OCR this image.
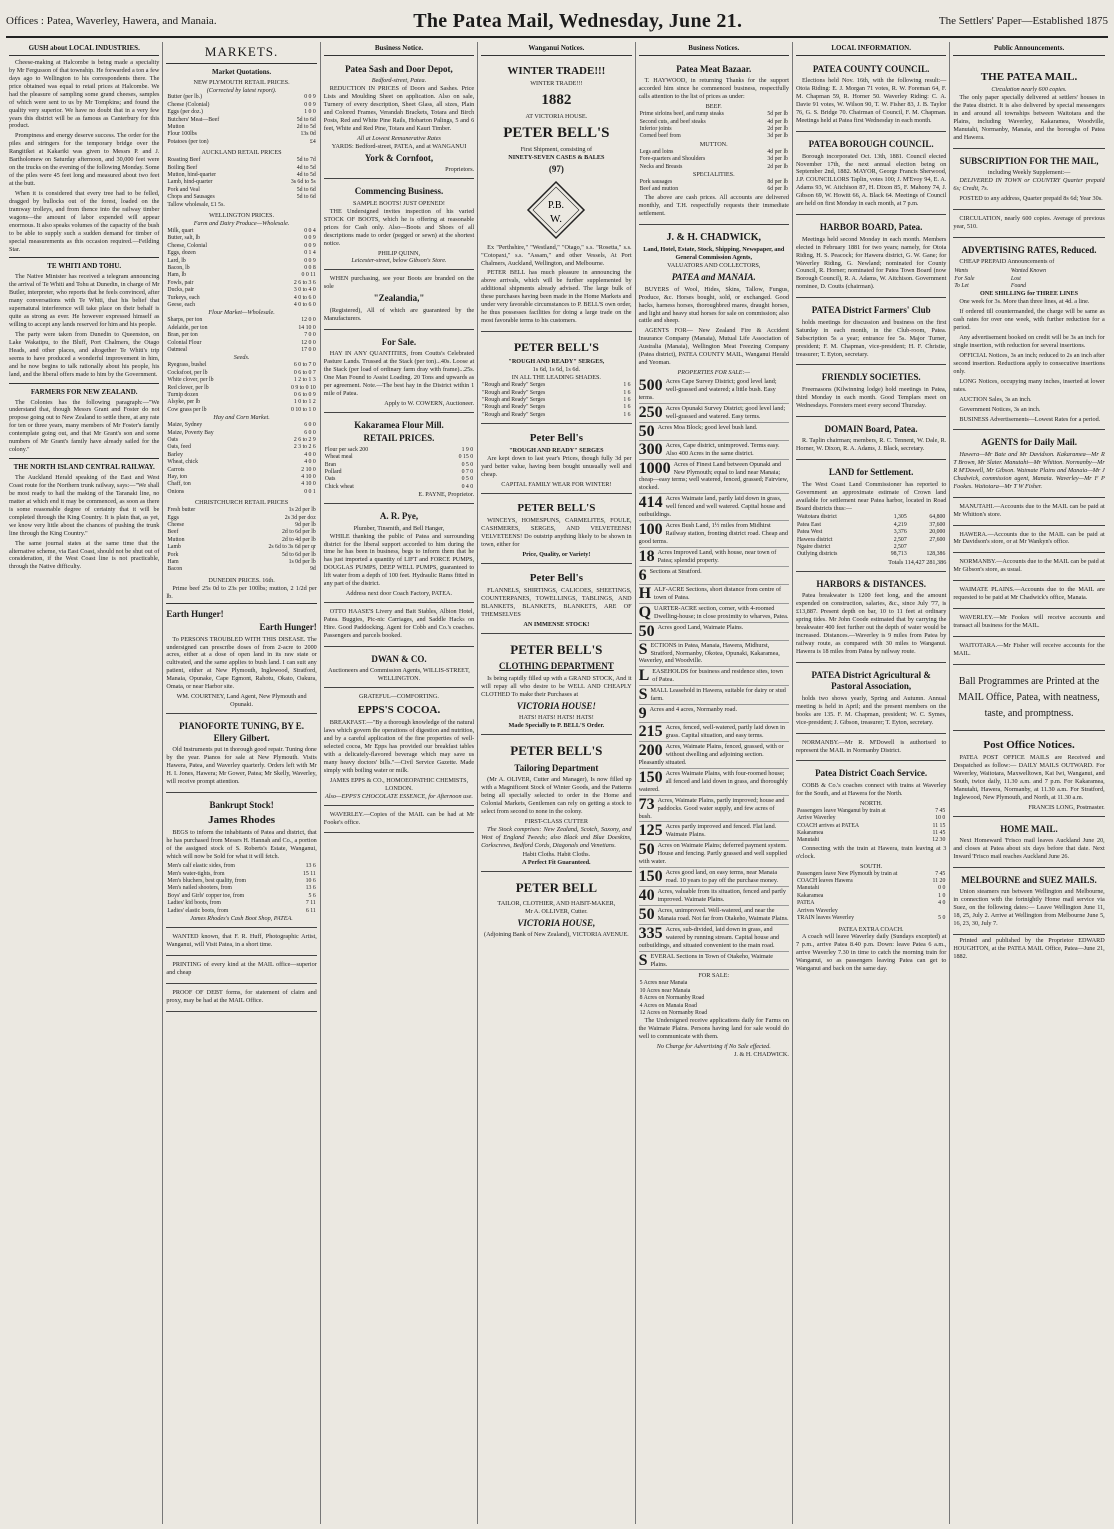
Offices : Patea, Waverley, Hawera, and Manaia.	The Patea Mail, Wednesday, June 21.	The Settlers' Paper—Established 1875
GUSH about LOCAL INDUSTRIES.

Cheese-making at Halcombe is being made a speciality by Mr Fergusson of that township. He forwarded a ton a few days ago to Wellington to his correspondents there. The price obtained was equal to retail prices at Halcombe. We had the pleasure of sampling some grand cheeses, samples of which were sent to us by Mr Tompkins; and found the quality very superior. We have no doubt that in a very few years this district will be as famous as Canterbury for this product.

Promptness and energy deserve success. The order for the piles and stringers for the temporary bridge over the Rangitikei at Kakariki was given to Messrs P. and J. Bartholomew on Saturday afternoon, and 30,000 feet were on the trucks on the evening of the following Monday. Some of the piles were 45 feet long and measured about two feet at the butt.

When it is considered that every tree had to be felled, dragged by bullocks out of the forest, loaded on the tramway trolleys, and from thence into the railway timber wagons—the amount of labor expended will appear enormous. It also speaks volumes of the capacity of the bush to be able to supply such a sudden demand for timber of special measurements as this occasion required.—Feilding Star.

TE WHITI AND TOHU.

The Native Minister has received a telegram announcing the arrival of Te Whiti and Tohu at Dunedin, in charge of Mr Butler, interpreter, who reports that he feels convinced, after many conversations with Te Whiti, that his belief that supernatural interference will take place on their behalf is quite as strong as ever. He however expressed himself as willing to accept any lands reserved for him and his people.

The party were taken from Dunedin to Queenston, on Lake Wakatipu, to the Bluff, Port Chalmers, the Otago Heads, and other places, and altogether Te Whiti's trip seems to have produced a wonderful improvement in him, and he now begins to talk rationally about his people, his land, and the liberal offers made to him by the Government.

FARMERS FOR NEW ZEALAND.

The Colonies has the following paragraph:—"We understand that, though Messrs Grant and Foster do not propose going out to New Zealand to settle there, at any rate for ten or three years, many members of Mr Foster's family contemplate going out, and that Mr Grant's son and some numbers of Mr Grant's family have already sailed for the colony."

THE NORTH ISLAND CENTRAL RAILWAY.

The Auckland Herald speaking of the East and West Coast route for the Northern trunk railway, says:—"We shall be most ready to hail the making of the Taranaki line, no matter at which end it may be commenced, as soon as there is some reasonable degree of certainty that it will be completed through the King Country. It is plain that, as yet, we know very little about the chances of pushing the trunk line through the King Country."

The same journal states at the same time that the alternative scheme, via East Coast, should not be shut out of consideration, if the West Coast line is not practicable, through the Native difficulty.

MARKETS.
Market Quotations.
NEW PLYMOUTH RETAIL PRICES.
(Corrected by latest report).
Butter (per lb.)	0 0 9
Cheese (Colonial)	0 0 9
Eggs (per doz.)	1 0 0
Butchers' Meat—Beef	5d to 6d
Mutton	2d to 5d
Flour 100lbs	13s 0d
Potatoes (per ton)	£4
AUCKLAND RETAIL PRICES
Roasting Beef	5d to 7d
Boiling Beef	4d to 5d
Mutton, hind-quarter	4d to 5d
Lamb, hind-quarter	3s 6d to 5s
Pork and Veal	5d to 6d
Chops and Sausages	5d to 6d
Tallow wholesale, £1 5s.	
WELLINGTON PRICES.
Farm and Dairy Produce—Wholesale.
Milk, quart	0 0 4
Butter, salt, lb	0 0 9
Cheese, Colonial	0 0 9
Eggs, dozen	0 1 4
Lard, lb	0 0 9
Bacon, lb	0 0 8
Ham, lb	0 0 11
Fowls, pair	2 6 to 3 6
Ducks, pair	3 0 to 4 0
Turkeys, each	4 0 to 6 0
Geese, each	4 0 to 6 0
Flour Market—Wholesale.
Sharps, per ton	12 0 0
Adelaide, per ton	14 10 0
Bran, per ton	7 0 0
Colonial Flour	12 0 0
Oatmeal	17 0 0
Seeds.
Ryegrass, bushel	6 0 to 7 0
Cocksfoot, per lb	0 6 to 0 7
White clover, per lb	1 2 to 1 3
Red clover, per lb	0 9 to 0 10
Turnip dozen	0 6 to 0 9
Alsyke, per lb	1 0 to 1 2
Cow grass per lb	0 10 to 1 0
Hay and Corn Market.
Maize, Sydney	6 0 0
Maize, Poverty Bay	6 0 0
Oats	2 6 to 2 9
Oats, feed	2 3 to 2 6
Barley	4 0 0
Wheat, chick	4 0 0
Carrots	2 10 0
Hay, ton	4 10 0
Chaff, ton	4 10 0
Onions	0 0 1
CHRISTCHURCH RETAIL PRICES
Fresh butter	1s 2d per lb
Eggs	2s 3d per doz
Cheese	9d per lb
Beef	2d to 6d per lb
Mutton	2d to 4d per lb
Lamb	2s 6d to 3s 6d per qr
Pork	5d to 6d per lb
Ham	1s 0d per lb
Bacon	9d
DUNEDIN PRICES. 16th.

Prime beef 25s 0d to 23s per 100lbs; mutton, 2 1/2d per lb.

Earth Hunger!
Earth Hunger!

To PERSONS TROUBLED WITH THIS DISEASE. The undersigned can prescribe doses of from 2-acre to 2000 acres, either at a dose of open land in its raw state or cultivated, and the same applies to bush land. I can suit any patient, either at New Plymouth, Inglewood, Stratford, Manaia, Opunake, Cape Egmont, Rahotu, Okato, Oakura, Omata, or near Harbor site.

WM. COURTNEY, Land Agent, New Plymouth and Opunaki.
PIANOFORTE TUNING, BY E. Ellery Gilbert.

Old Instruments put in thorough good repair. Tuning done by the year. Pianos for sale at New Plymouth. Visits Hawera, Patea, and Waverley quarterly. Orders left with Mr H. I. Jones, Hawera; Mr Gower, Patea; Mr Skelly, Waverley, will receive prompt attention.

Bankrupt Stock!
James Rhodes

BEGS to inform the inhabitants of Patea and district, that he has purchased from Messrs H. Hannah and Co., a portion of the assigned stock of S. Roberts's Estate, Wanganui, which will now be Sold for what it will fetch.

Men's calf elastic sides, from	13 6
Men's water-tights, from	15 11
Men's bluchers, best quality, from	10 6
Men's nailed shooters, from	13 6
Boys' and Girls' copper toe, from	5 6
Ladies' kid boots, from	7 11
Ladies' elastic boots, from	6 11
James Rhodes's Cash Boot Shop, PATEA.

WANTED known, that F. R. Huff, Photographic Artist, Wanganui, will Visit Patea, in a short time.

PRINTING of every kind at the MAIL office—superior and cheap

PROOF OF DEBT forms, for statement of claim and proxy, may be had at the MAIL Office.

Business Notice.
Patea Sash and Door Depot,
Bedford-street, Patea.

REDUCTION IN PRICES of Doors and Sashes. Price Lists and Moulding Sheet on application. Also on sale, Turnery of every description, Sheet Glass, all sizes, Plain and Colored Frames, Verandah Brackets, Totara and Birch Posts, Red and White Pine Rails, Hobarton Palings, 5 and 6 feet, White and Red Pine, Totara and Kauri Timber.

All at Lowest Remunerative Rates
YARDS: Bedford-street, PATEA, and at WANGANUI
York & Cornfoot,
Proprietors.
Commencing Business.
SAMPLE BOOTS! JUST OPENED!

THE Undersigned invites inspection of his varied STOCK OF BOOTS, which he is offering at reasonable prices for Cash only. Also—Boots and Shoes of all descriptions made to order (pegged or sewn) at the shortest notice.

PHILIP QUINN,
Leicester-street, below Gibson's Store.

WHEN purchasing, see your Boots are branded on the sole

"Zealandia,"

(Registered), All of which are guaranteed by the Manufacturers.

For Sale.

HAY IN ANY QUANTITIES, from Coutts's Celebrated Pasture Lands. Trussed at the Stack (per ton)...40s. Loose at the Stack (per load of ordinary farm dray with frame)...25s. One Man Found to Assist Loading. 20 Tons and upwards as per agreement. Note.—The best hay in the District within 1 mile of Patea.

Apply to W. COWERN, Auctioneer.
Kakaramea Flour Mill.
RETAIL PRICES.
Flour per sack 200	1 9 0
Wheat meal	0 15 0
Bran	0 5 0
Pollard	0 7 0
Oats	0 5 0
Chick wheat	0 4 0
E. PAYNE, Proprietor.
A. R. Pye,
Plumber, Tinsmith, and Bell Hanger,

WHILE thanking the public of Patea and surrounding district for the liberal support accorded to him during the time he has been in business, begs to inform them that he has just imported a quantity of LIFT and FORCE PUMPS, DOUGLAS PUMPS, DEEP WELL PUMPS, guaranteed to lift water from a depth of 100 feet. Hydraulic Rams fitted in any part of the district.

Address next door Coach Factory, PATEA.

OTTO HAASE'S Livery and Bait Stables, Albion Hotel, Patea. Buggies, Pic-nic Carriages, and Saddle Hacks on Hire. Good Paddocking. Agent for Cobb and Co.'s coaches. Passengers and parcels booked.

DWAN & CO.
Auctioneers and Commission Agents, WILLIS-STREET, WELLINGTON.
GRATEFUL—COMFORTING.
EPPS'S COCOA.

BREAKFAST.—"By a thorough knowledge of the natural laws which govern the operations of digestion and nutrition, and by a careful application of the fine properties of well-selected cocoa, Mr Epps has provided our breakfast tables with a delicately-flavored beverage which may save us many heavy doctors' bills."—Civil Service Gazette. Made simply with boiling water or milk.

JAMES EPPS & CO., HOMOEOPATHIC CHEMISTS, LONDON.
Also—EPPS'S CHOCOLATE ESSENCE, for Afternoon use.

WAVERLEY.—Copies of the MAIL can be had at Mr Fooke's office.

Wanganui Notices.
WINTER TRADE!!!
WINTER TRADE!!!
1882
AT VICTORIA HOUSE.
PETER BELL'S
First Shipment, consisting of
NINETY-SEVEN CASES & BALES
(97)
P.B.
W.

Ex "Perthshire," "Westland," "Otago," s.s. "Rosetta," s.s. "Cotopaxi," s.s. "Assam," and other Vessels, At Port Chalmers, Auckland, Wellington, and Melbourne.

PETER BELL has much pleasure in announcing the above arrivals, which will be further supplemented by additional shipments already advised. The large bulk of these purchases having been made in the Home Markets and under very favorable circumstances to P. BELL'S own order, he thus possesses facilities for doing a large trade on the most favorable terms to his customers.

PETER BELL'S
"ROUGH AND READY" SERGES,
1s 6d, 1s 6d, 1s 6d.
IN ALL THE LEADING SHADES.
"Rough and Ready" Serges	1 6
"Rough and Ready" Serges	1 6
"Rough and Ready" Serges	1 6
"Rough and Ready" Serges	1 6
"Rough and Ready" Serges	1 6
Peter Bell's
"ROUGH AND READY" SERGES

Are kept down to last year's Prices, though fully 3d per yard better value, having been bought unusually well and cheap.

CAPITAL FAMILY WEAR FOR WINTER!
PETER BELL'S

WINCEYS, HOMESPUNS, CARMELITES, FOULE, CASHMERES, SERGES, AND VELVETEENS! VELVETEENS! Do outstrip anything likely to be shown in town, either for

Price, Quality, or Variety!
Peter Bell's

FLANNELS, SHIRTINGS, CALICOES, SHEETINGS, COUNTERPANES, TOWELLINGS, TABLINGS, AND BLANKETS, BLANKETS, BLANKETS, ARE OF THEMSELVES

AN IMMENSE STOCK!
PETER BELL'S
CLOTHING DEPARTMENT

Is being rapidly filled up with a GRAND STOCK, And it will repay all who desire to be WELL AND CHEAPLY CLOTHED To make their Purchases at

VICTORIA HOUSE!
HATS! HATS! HATS! HATS!
Made Specially to P. BELL'S Order.
PETER BELL'S
Tailoring Department

(Mr A. OLIVER, Cutter and Manager), Is now filled up with a Magnificent Stock of Winter Goods, and the Patterns being all specially selected to order in the Home and Colonial Markets, Gentlemen can rely on getting a stock to select from second to none in the colony.

FIRST-CLASS CUTTER

The Stock comprises: New Zealand, Scotch, Saxony, and West of England Tweeds; also Black and Blue Doeskins, Corkscrews, Bedford Cords, Diagonals and Venetians.

Habit Cloths. Habit Cloths.
A Perfect Fit Guaranteed.
PETER BELL
TAILOR, CLOTHIER, AND HABIT-MAKER,
Mr A. OLLIVER, Cutter.
VICTORIA HOUSE,
(Adjoining Bank of New Zealand), VICTORIA AVENUE.
Business Notices.
Patea Meat Bazaar.

T. HAYWOOD, in returning Thanks for the support accorded him since he commenced business, respectfully calls attention to the list of prices as under:

BEEF.
Prime sirloins beef, and rump steaks	5d per lb
Second cuts, and beef steaks	4d per lb
Inferior joints	2d per lb
Corned beef from	3d per lb
MUTTON.
Legs and loins	4d per lb
Fore-quarters and Shoulders	3d per lb
Necks and Breasts	2d per lb
SPECIALITIES.
Pork sausages	8d per lb
Beef and mutton	6d per lb

The above are cash prices. All accounts are delivered monthly, and T.H. respectfully requests their immediate settlement.

J. & H. CHADWICK,
Land, Hotel, Estate, Stock, Shipping, Newspaper, and General Commission Agents,
VALUATORS AND COLLECTORS,
PATEA and MANAIA.

BUYERS of Wool, Hides, Skins, Tallow, Fungus, Produce, &c. Horses bought, sold, or exchanged. Good hacks, harness horses, thoroughbred mares, draught horses, and light and heavy stud horses for sale on commission; also cattle and sheep.

AGENTS FOR— New Zealand Fire & Accident Insurance Company (Manaia), Mutual Life Association of Australia (Manaia), Wellington Meat Freezing Company (Patea district), PATEA COUNTY MAIL, Wanganui Herald and Yeoman.

PROPERTIES FOR SALE:—
500 Acres Cape Survey District; good level land; well-grassed and watered; a little bush. Easy terms.
250 Acres Opunaki Survey District; good level land; well-grassed and watered. Easy terms.
50 Acres Moa Block; good level bush land.
300 Acres, Cape district, unimproved. Terms easy. Also 400 Acres in the same district.
1000 Acres of Finest Land between Opunaki and New Plymouth; equal to land near Manaia; cheap—easy terms; well watered, fenced, grassed; Fairview, stocked.
414 Acres Waimate land, partly laid down in grass, well fenced and well watered. Capital house and outbuildings.
100 Acres Bush Land, 1½ miles from Midhirst Railway station, fronting district road. Cheap and good terms.
18 Acres Improved Land, with house, near town of Patea; splendid property.
6 Sections at Stratford.
HALF-ACRE Sections, short distance from centre of town of Patea.
QUARTER-ACRE section, corner, with 4-roomed Dwelling-house; in close proximity to wharves, Patea.
50 Acres good Land, Waimate Plains.
SECTIONS in Patea, Manaia, Hawera, Midhurst, Stratford, Normanby, Okotea, Opunaki, Kakaramea, Waverley, and Woodville.
LEASEHOLDS for business and residence sites, town of Patea.
SMALL Leasehold in Hawera, suitable for dairy or stud farm.
9 Acres and 4 acres, Normanby road.
215 Acres, fenced, well-watered, partly laid down in grass. Capital situation, and easy terms.
200 Acres, Waimate Plains, fenced, grassed, with or without dwelling and adjoining section. Pleasantly situated.
150 Acres Waimate Plains, with four-roomed house; all fenced and laid down in grass, and thoroughly watered.
73 Acres, Waimate Plains, partly improved; house and paddocks. Good water supply, and few acres of bush.
125 Acres partly improved and fenced. Flat land. Waimate Plains.
50 Acres on Waimate Plains; deferred payment system. House and fencing. Partly grassed and well supplied with water.
150 Acres good land, on easy terms, near Manaia road. 10 years to pay off the purchase money.
40 Acres, valuable from its situation, fenced and partly improved. Waimate Plains.
50 Acres, unimproved. Well-watered, and near the Manaia road. Not far from Otakeho, Waimate Plains.
335 Acres, sub-divided, laid down in grass, and watered by running stream. Capital house and outbuildings, and situated convenient to the main road.
SEVERAL Sections in Town of Otakeho, Waimate Plains.
FOR SALE:
5 Acres near Manaia	
10 Acres near Manaia	
8 Acres on Normanby Road	
4 Acres on Manaia Road	
12 Acres on Normanby Road	

The Undersigned receive applications daily for Farms on the Waimate Plains. Persons having land for sale would do well to communicate with them.

No Charge for Advertising if No Sale effected.
J. & H. CHADWICK.
LOCAL INFORMATION.
PATEA COUNTY COUNCIL.

Elections held Nov. 16th, with the following result:— Otoia Riding: E. J. Morgan 71 votes, R. W. Foreman 64, F. M. Chapman 59, R. Horner 50. Waverley Riding: C. A. Davie 91 votes, W. Wilson 90, T. W. Fisher 83, J. B. Taylor 76, G. S. Bridge 70. Chairman of Council, F. M. Chapman. Meetings held at Patea first Wednesday in each month.

PATEA BOROUGH COUNCIL.

Borough incorporated Oct. 13th, 1881. Council elected November 17th, the next annual election being on September 2nd, 1882. MAYOR, George Francis Sherwood, J.P. COUNCILLORS Taplin, votes 100; J. M'Evoy 94, E. A. Adams 93, W. Aitchison 87, H. Dixon 85, F. Mahony 74, J. Gibson 69, W. Howitt 66, A. Black 64. Meetings of Council are held on first Monday in each month, at 7 p.m.

HARBOR BOARD, Patea.

Meetings held second Monday in each month. Members elected in February 1881 for two years; namely, for Otoia Riding, H. S. Peacock; for Hawera district, G. W. Gane; for Waverley Riding, G. Newland; nominated for County Council, R. Horner; nominated for Patea Town Board (now Borough Council), R. A. Adams, W. Aitchison. Government nominee, D. Coutts (chairman).

PATEA District Farmers' Club

holds meetings for discussion and business on the first Saturday in each month, in the Club-room, Patea. Subscription 5s a year; entrance fee 5s. Major Turner, president; F. M. Chapman, vice-president; H. F. Christie, treasurer; T. Eyton, secretary.

FRIENDLY SOCIETIES.

Freemasons (Kilwinning lodge) hold meetings in Patea, third Monday in each month. Good Templars meet on Wednesdays. Foresters meet every second Thursday.

DOMAIN Board, Patea.

R. Taplin chairman; members, R. C. Tennent, W. Dale, R. Horner, W. Dixon, R. A. Adams, J. Black, secretary.

LAND for Settlement.

The West Coast Land Commissioner has reported to Government an approximate estimate of Crown land available for settlement near Patea harbor, located in Road Board districts thus:—

Waitotara district	1,305	64,800
Patea East	4,219	37,600
Patea West	3,376	20,000
Hawera district	2,507	27,600
Ngaire district	2,507	
Outlying districts	98,713	128,386
Totals 114,427 281,386
HARBORS & DISTANCES.

Patea breakwater is 1200 feet long, and the amount expended on construction, salaries, &c., since July '77, is £13,887. Present depth on bar, 10 to 11 feet at ordinary spring tides. Mr John Coode estimated that by carrying the breakwater 400 feet further out the depth of water would be increased. Distances.—Waverley is 9 miles from Patea by railway route, as compared with 30 miles to Wanganui. Hawera is 18 miles from Patea by railway route.

PATEA District Agricultural & Pastoral Association,

holds two shows yearly, Spring and Autumn. Annual meeting is held in April; and the present members on the books are 135. F. M. Chapman, president; W. C. Symes, vice-president; J. Gibson, treasurer; T. Eyton, secretary.

NORMANBY.—Mr R. M'Dowell is authorised to represent the MAIL in Normanby District.

Patea District Coach Service.

COBB & Co.'s coaches connect with trains at Waverley for the South, and at Hawera for the North.

NORTH.
Passengers leave Wanganui by train at	7 45
Arrive Waverley	10 0
COACH arrives at PATEA	11 15
Kakaramea	11 45
Manutahi	12 30

Connecting with the train at Hawera, train leaving at 3 o'clock.

SOUTH.
Passengers leave New Plymouth by train at	7 45
COACH leaves Hawera	11 20
Manutahi	0 0
Kakaramea	1 0
PATEA	4 0
Arrives Waverley	
TRAIN leaves Waverley	5 0
PATEA EXTRA COACH.

A coach will leave Waverley daily (Sundays excepted) at 7 p.m., arrive Patea 8.40 p.m. Down: leave Patea 6 a.m., arrive Waverley 7.30 in time to catch the morning train for Wanganui, so as passengers leaving Patea can get to Wanganui and back on the same day.

Public Announcements.
THE PATEA MAIL.
Circulation nearly 600 copies.

The only paper specially delivered at settlers' houses in the Patea district. It is also delivered by special messengers in and around all townships between Waitotara and the Plains, including Waverley, Kakaramea, Woodville, Manutahi, Normanby, Manaia, and the boroughs of Patea and Hawera.

SUBSCRIPTION FOR THE MAIL,
including Weekly Supplement:—

DELIVERED IN TOWN or COUNTRY Quarter prepaid 6s; Credit, 7s.

POSTED to any address, Quarter prepaid 8s 6d; Year 30s.

CIRCULATION, nearly 600 copies. Average of previous year, 510.

ADVERTISING RATES, Reduced.

CHEAP PREPAID Announcements of

Wants	Wanted Known
For Sale	Lost
To Let	Found
ONE SHILLING for THREE LINES

One week for 3s. More than three lines, at 4d. a line.

If ordered till countermanded, the charge will be same as cash rates for over one week, with further reduction for a period.

Any advertisement booked on credit will be 3s an inch for single insertion, with reduction for several insertions.

OFFICIAL Notices, 3s an inch; reduced to 2s an inch after second insertion. Reductions apply to consecutive insertions only.

LONG Notices, occupying many inches, inserted at lower rates.

AUCTION Sales, 3s an inch.

Government Notices, 3s an inch.

BUSINESS Advertisements—Lowest Rates for a period.

AGENTS for Daily Mail.

Hawera—Mr Bate and Mr Davidson. Kakaramea—Mr R T Brown, Mr Slater. Manutahi—Mr Whitton. Normanby—Mr R M'Dowell, Mr Gibson. Waimate Plains and Manaia—Mr J Chadwick, commission agent, Manaia. Waverley—Mr F P Fookes. Waitotara—Mr T W Fisher.

MANUTAHI.—Accounts due to the MAIL can be paid at Mr Whitton's store.

HAWERA.—Accounts due to the MAIL can be paid at Mr Davidson's store, or at Mr Wankyn's office.

NORMANBY.—Accounts due to the MAIL can be paid at Mr Gibson's store, as usual.

WAIMATE PLAINS.—Accounts due to the MAIL are requested to be paid at Mr Chadwick's office, Manaia.

WAVERLEY.—Mr Fookes will receive accounts and transact all business for the MAIL.

WAITOTARA.—Mr Fisher will receive accounts for the MAIL.

Ball Programmes are Printed at the MAIL Office, Patea, with neatness, taste, and promptness.
Post Office Notices.

PATEA POST OFFICE MAILS are Received and Despatched as follow:— DAILY MAILS OUTWARD. For Waverley, Waitotara, Maxwelltown, Kai Iwi, Wanganui, and South, twice daily, 11.30 a.m. and 7 p.m. For Kakaramea, Manutahi, Hawera, Normanby, at 11.30 a.m. For Stratford, Inglewood, New Plymouth, and North, at 11.30 a.m.

FRANCIS LONG, Postmaster.
HOME MAIL.

Next Homeward 'Frisco mail leaves Auckland June 20, and closes at Patea about six days before that date. Next Inward 'Frisco mail reaches Auckland June 26.

MELBOURNE and SUEZ MAILS.

Union steamers run between Wellington and Melbourne, in connection with the fortnightly Home mail service via Suez, on the following dates:— Leave Wellington June 11, 18, 25, July 2. Arrive at Wellington from Melbourne June 5, 16, 23, 30, July 7.

Printed and published by the Proprietor EDWARD HOUGHTON, at the PATEA MAIL Office, Patea—June 21, 1882.
